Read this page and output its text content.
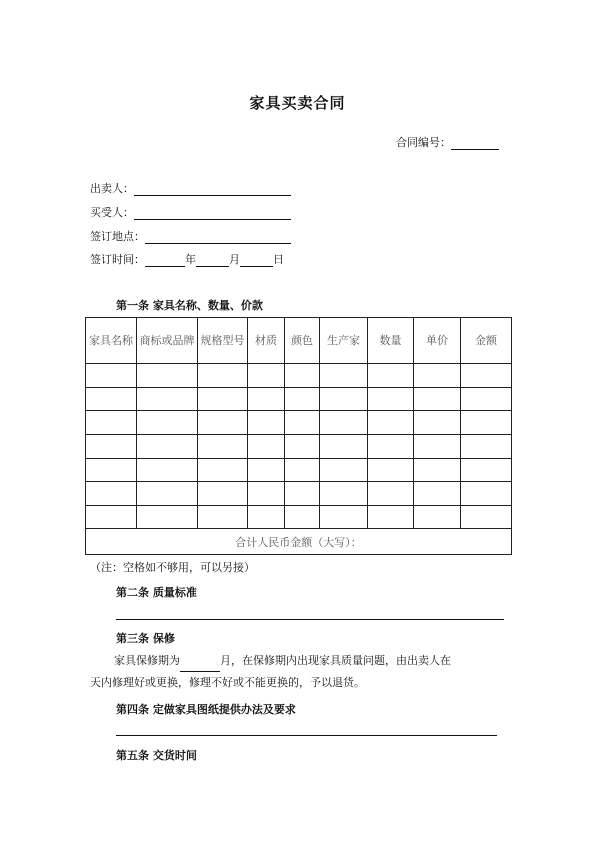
家具买卖合同
合同编号：
出卖人：
买受人：
签订地点：
签订时间：	年	月	日
第一条 家具名称、数量、价款
家具名称	商标或品牌	规格型号	材质	颜色	生产家	数量	单价	金额

合计人民币金额（大写）：								
（注：空格如不够用，可以另接）
第二条 质量标准
第三条 保修
家具保修期为	月，在保修期内出现家具质量问题，由出卖人在
天内修理好或更换，修理不好或不能更换的，予以退货。
第四条 定做家具图纸提供办法及要求
第五条 交货时间
